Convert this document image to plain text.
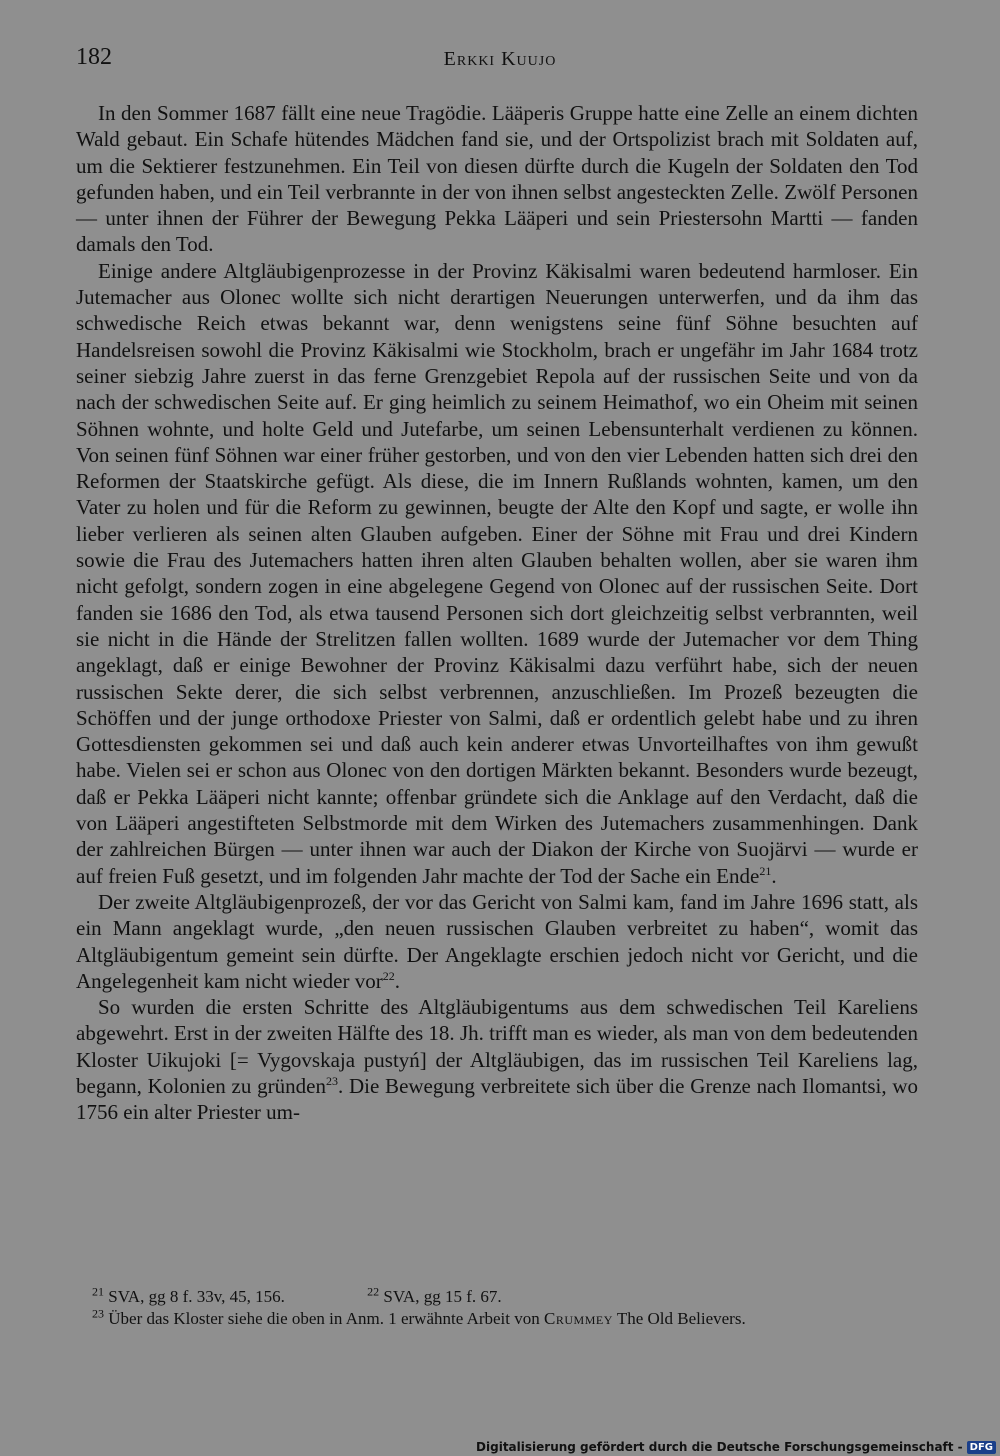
182	Erkki Kuujo

In den Sommer 1687 fällt eine neue Tragödie. Lääperis Gruppe hatte eine Zelle an einem dichten Wald gebaut. Ein Schafe hütendes Mädchen fand sie, und der Ortspolizist brach mit Soldaten auf, um die Sektierer festzunehmen. Ein Teil von diesen dürfte durch die Kugeln der Soldaten den Tod gefunden haben, und ein Teil verbrannte in der von ihnen selbst angesteckten Zelle. Zwölf Personen — unter ihnen der Führer der Bewegung Pekka Lääperi und sein Priestersohn Martti — fanden damals den Tod.

Einige andere Altgläubigenprozesse in der Provinz Käkisalmi waren bedeutend harmloser. Ein Jutemacher aus Olonec wollte sich nicht derartigen Neuerungen unterwerfen, und da ihm das schwedische Reich etwas bekannt war, denn wenigstens seine fünf Söhne besuchten auf Handelsreisen sowohl die Provinz Käkisalmi wie Stockholm, brach er ungefähr im Jahr 1684 trotz seiner siebzig Jahre zuerst in das ferne Grenzgebiet Repola auf der russischen Seite und von da nach der schwedischen Seite auf. Er ging heimlich zu seinem Heimathof, wo ein Oheim mit seinen Söhnen wohnte, und holte Geld und Jutefarbe, um seinen Lebensunterhalt verdienen zu können. Von seinen fünf Söhnen war einer früher gestorben, und von den vier Lebenden hatten sich drei den Reformen der Staatskirche gefügt. Als diese, die im Innern Rußlands wohnten, kamen, um den Vater zu holen und für die Reform zu gewinnen, beugte der Alte den Kopf und sagte, er wolle ihn lieber verlieren als seinen alten Glauben aufgeben. Einer der Söhne mit Frau und drei Kindern sowie die Frau des Jutemachers hatten ihren alten Glauben behalten wollen, aber sie waren ihm nicht gefolgt, sondern zogen in eine abgelegene Gegend von Olonec auf der russischen Seite. Dort fanden sie 1686 den Tod, als etwa tausend Personen sich dort gleichzeitig selbst verbrannten, weil sie nicht in die Hände der Strelitzen fallen wollten. 1689 wurde der Jutemacher vor dem Thing angeklagt, daß er einige Bewohner der Provinz Käkisalmi dazu verführt habe, sich der neuen russischen Sekte derer, die sich selbst verbrennen, anzuschließen. Im Prozeß bezeugten die Schöffen und der junge orthodoxe Priester von Salmi, daß er ordentlich gelebt habe und zu ihren Gottesdiensten gekommen sei und daß auch kein anderer etwas Unvorteilhaftes von ihm gewußt habe. Vielen sei er schon aus Olonec von den dortigen Märkten bekannt. Besonders wurde bezeugt, daß er Pekka Lääperi nicht kannte; offenbar gründete sich die Anklage auf den Verdacht, daß die von Lääperi angestifteten Selbstmorde mit dem Wirken des Jutemachers zusammenhingen. Dank der zahlreichen Bürgen — unter ihnen war auch der Diakon der Kirche von Suojärvi — wurde er auf freien Fuß gesetzt, und im folgenden Jahr machte der Tod der Sache ein Ende$^{21}$.

Der zweite Altgläubigenprozeß, der vor das Gericht von Salmi kam, fand im Jahre 1696 statt, als ein Mann angeklagt wurde, „den neuen russischen Glauben verbreitet zu haben“, womit das Altgläubigentum gemeint sein dürfte. Der Angeklagte erschien jedoch nicht vor Gericht, und die Angelegenheit kam nicht wieder vor$^{22}$.

So wurden die ersten Schritte des Altgläubigentums aus dem schwedischen Teil Kareliens abgewehrt. Erst in der zweiten Hälfte des 18. Jh. trifft man es wieder, als man von dem bedeutenden Kloster Uikujoki [= Vygovskaja pustyń] der Altgläubigen, das im russischen Teil Kareliens lag, begann, Kolonien zu gründen$^{23}$. Die Bewegung verbreitete sich über die Grenze nach Ilomantsi, wo 1756 ein alter Priester um-

$^{21}$ SVA, gg 8 f. 33v, 45, 156.	$^{22}$ SVA, gg 15 f. 67.
$^{23}$ Über das Kloster siehe die oben in Anm. 1 erwähnte Arbeit von Crummey The Old Believers.
Digitalisierung gefördert durch die Deutsche Forschungsgemeinschaft - DFG
